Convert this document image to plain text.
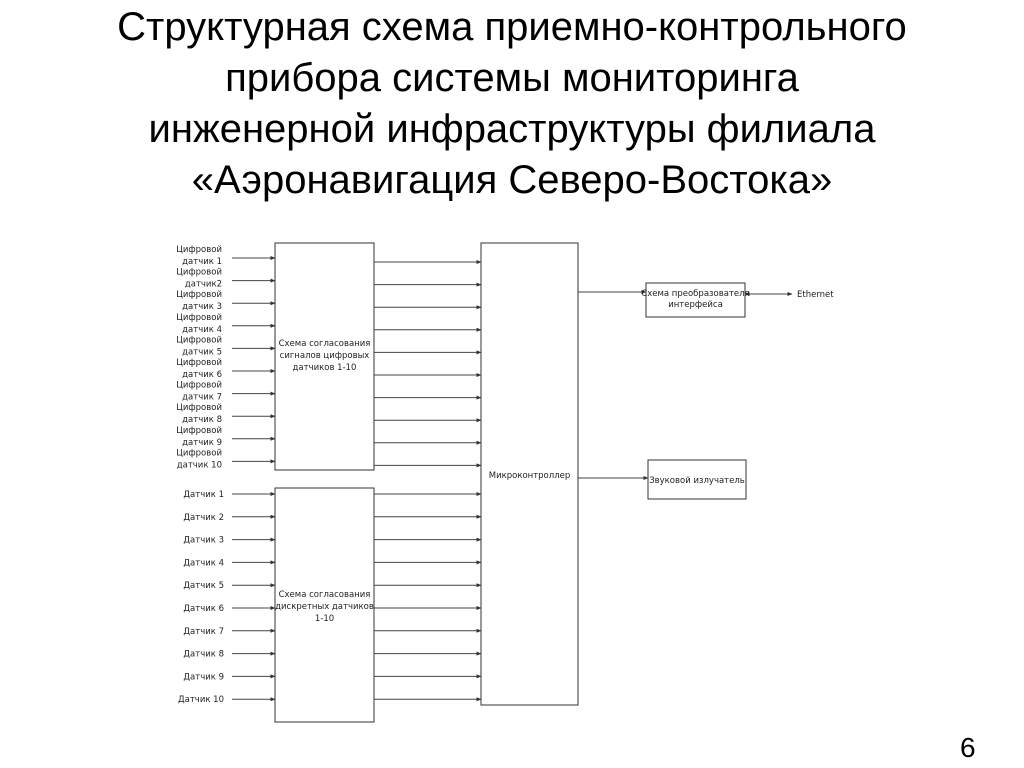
Структурная схема приемно-контрольного
прибора системы мониторинга
инженерной инфраструктуры филиала
«Аэронавигация Северо-Востока»
Схема согласования
сигналов цифровых
датчиков 1-10
Схема согласования
дискретных датчиков
1-10
Микроконтроллер
Схема преобразователя
интерфейса
Звуковой излучатель
Цифровой
датчик 1
Цифровой
датчик2
Цифровой
датчик 3
Цифровой
датчик 4
Цифровой
датчик 5
Цифровой
датчик 6
Цифровой
датчик 7
Цифровой
датчик 8
Цифровой
датчик 9
Цифровой
датчик 10
Датчик 1
Датчик 2
Датчик 3
Датчик 4
Датчик 5
Датчик 6
Датчик 7
Датчик 8
Датчик 9
Датчик 10
Ethernet
6
